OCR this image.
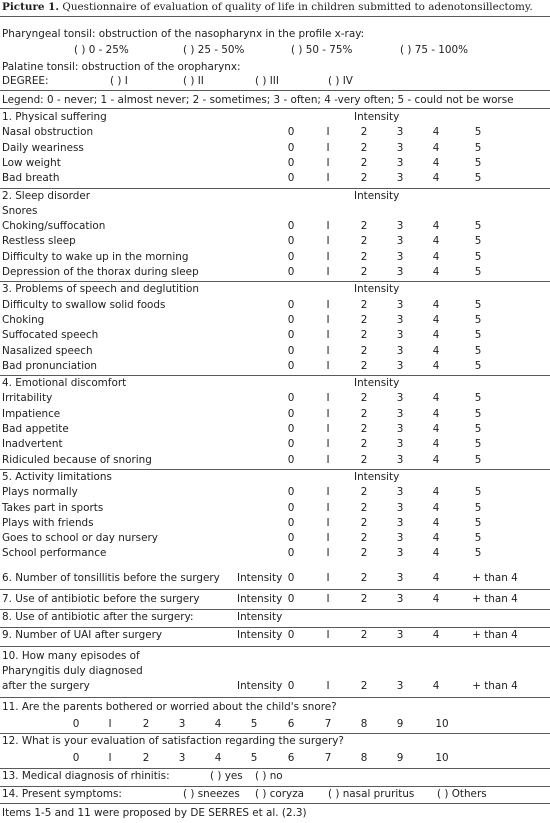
Picture 1. Questionnaire of evaluation of quality of life in children submitted to adenotonsillectomy.
Pharyngeal tonsil: obstruction of the nasopharynx in the profile x-ray:
( ) 0 - 25%	( ) 25 - 50%	( ) 50 - 75%	( ) 75 - 100%
Palatine tonsil: obstruction of the oropharynx:
DEGREE:	( ) I	( ) II	( ) III	( ) IV
Legend: 0 - never; 1 - almost never; 2 - sometimes; 3 - often; 4 -very often; 5 - could not be worse
1. Physical suffering	Intensity
Nasal obstruction	0	I	2	3	4	5
Daily weariness	0	I	2	3	4	5
Low weight	0	I	2	3	4	5
Bad breath	0	I	2	3	4	5
2. Sleep disorder	Intensity
Snores
Choking/suffocation	0	I	2	3	4	5
Restless sleep	0	I	2	3	4	5
Difficulty to wake up in the morning	0	I	2	3	4	5
Depression of the thorax during sleep	0	I	2	3	4	5
3. Problems of speech and deglutition	Intensity
Difficulty to swallow solid foods	0	I	2	3	4	5
Choking	0	I	2	3	4	5
Suffocated speech	0	I	2	3	4	5
Nasalized speech	0	I	2	3	4	5
Bad pronunciation	0	I	2	3	4	5
4. Emotional discomfort	Intensity
Irritability	0	I	2	3	4	5
Impatience	0	I	2	3	4	5
Bad appetite	0	I	2	3	4	5
Inadvertent	0	I	2	3	4	5
Ridiculed because of snoring	0	I	2	3	4	5
5. Activity limitations	Intensity
Plays normally	0	I	2	3	4	5
Takes part in sports	0	I	2	3	4	5
Plays with friends	0	I	2	3	4	5
Goes to school or day nursery	0	I	2	3	4	5
School performance	0	I	2	3	4	5
6. Number of tonsillitis before the surgery Intensity 0	I	2	3	4	+ than 4
7. Use of antibiotic before the surgery	Intensity 0	I	2	3	4	+ than 4
8. Use of antibiotic after the surgery:	Intensity
9. Number of UAI after surgery	Intensity 0	I	2	3	4	+ than 4
10. How many episodes of
Pharyngitis duly diagnosed
after the surgery	Intensity 0	I	2	3	4	+ than 4
11. Are the parents bothered or worried about the child's snore?
0	I	2	3	4	5	6	7	8	9	10
12. What is your evaluation of satisfaction regarding the surgery?
0	I	2	3	4	5	6	7	8	9	10
13. Medical diagnosis of rhinitis:	( ) yes	( ) no
14. Present symptoms:	( ) sneezes	( ) coryza	( ) nasal pruritus	( ) Others
Items 1-5 and 11 were proposed by DE SERRES et al. (2.3)
